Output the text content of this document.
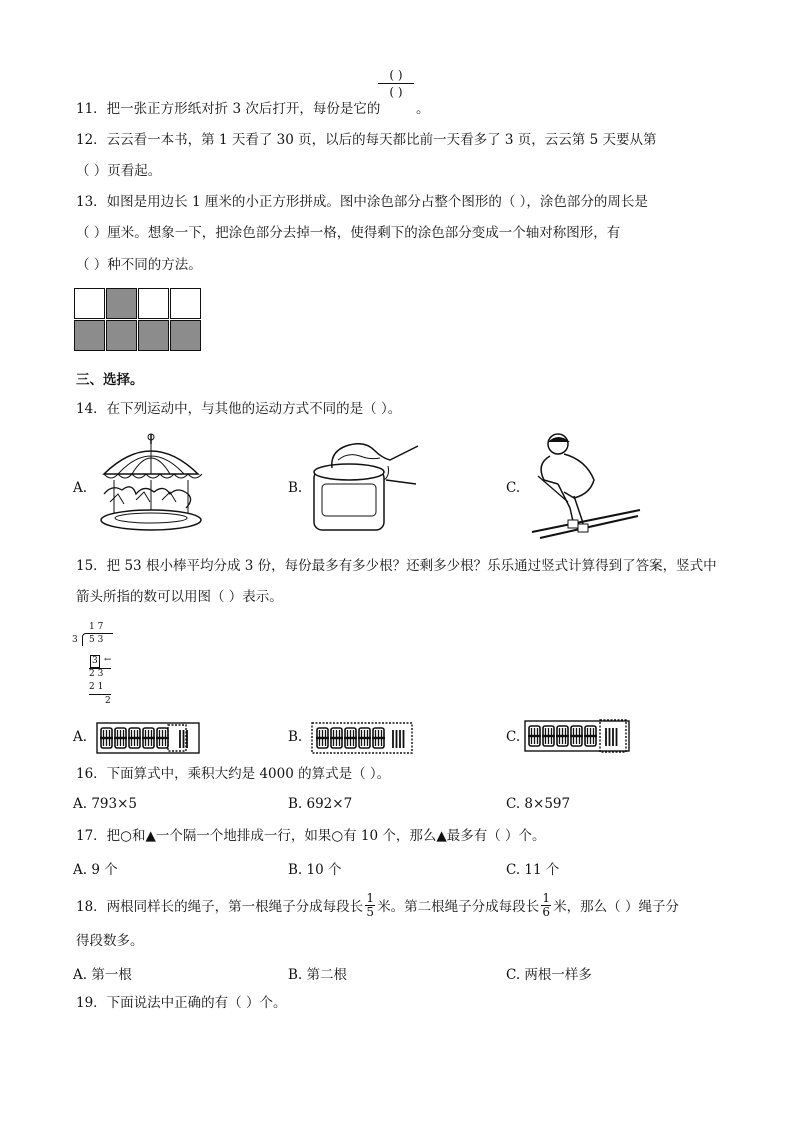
( )
( )
11．把一张正方形纸对折 3 次后打开，每份是它的	。
12．云云看一本书，第 1 天看了 30 页，以后的每天都比前一天看多了 3 页，云云第 5 天要从第
（ ）页看起。
13．如图是用边长 1 厘米的小正方形拼成。图中涂色部分占整个图形的（ ），涂色部分的周长是
（ ）厘米。想象一下，把涂色部分去掉一格，使得剩下的涂色部分变成一个轴对称图形，有
（ ）种不同的方法。
三、选择。
14．在下列运动中，与其他的运动方式不同的是（ ）。
A.	B.	C.
15．把 53 根小棒平均分成 3 份，每份最多有多少根？还剩多少根？乐乐通过竖式计算得到了答案，竖式中
箭头所指的数可以用图（ ）表示。
1 7
3 5 3
3 ←
2 3
2 1
2
A.	B.	C.
16．下面算式中，乘积大约是 4000 的算式是（ ）。
A. 793×5	B. 692×7	C. 8×597
17．把○和▲一个隔一个地排成一行，如果○有 10 个，那么▲最多有（ ）个。
A. 9 个	B. 10 个	C. 11 个
18．两根同样长的绳子，第一根绳子分成每段长 $\frac{1}{5}$ 米。第二根绳子分成每段长 $\frac{1}{6}$ 米，那么（ ）绳子分
得段数多。
A. 第一根	B. 第二根	C. 两根一样多
19．下面说法中正确的有（ ）个。
